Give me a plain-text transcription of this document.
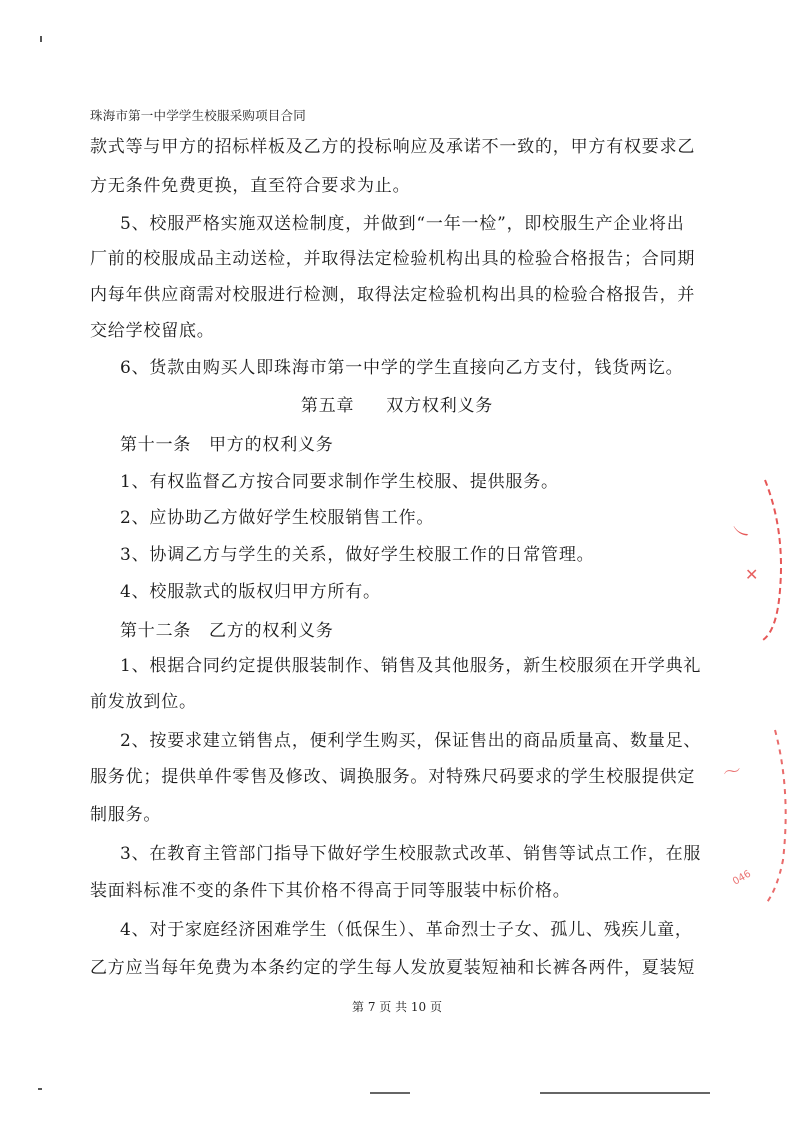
珠海市第一中学学生校服采购项目合同
款式等与甲方的招标样板及乙方的投标响应及承诺不一致的，甲方有权要求乙
方无条件免费更换，直至符合要求为止。
5、校服严格实施双送检制度，并做到“一年一检”，即校服生产企业将出
厂前的校服成品主动送检，并取得法定检验机构出具的检验合格报告；合同期
内每年供应商需对校服进行检测，取得法定检验机构出具的检验合格报告，并
交给学校留底。
6、货款由购买人即珠海市第一中学的学生直接向乙方支付，钱货两讫。
第五章 双方权利义务
第十一条　甲方的权利义务
1、有权监督乙方按合同要求制作学生校服、提供服务。
2、应协助乙方做好学生校服销售工作。
3、协调乙方与学生的关系，做好学生校服工作的日常管理。
4、校服款式的版权归甲方所有。
第十二条　乙方的权利义务
1、根据合同约定提供服装制作、销售及其他服务，新生校服须在开学典礼
前发放到位。
2、按要求建立销售点，便利学生购买，保证售出的商品质量高、数量足、
服务优；提供单件零售及修改、调换服务。对特殊尺码要求的学生校服提供定
制服务。
3、在教育主管部门指导下做好学生校服款式改革、销售等试点工作，在服
装面料标准不变的条件下其价格不得高于同等服装中标价格。
4、对于家庭经济困难学生（低保生）、革命烈士子女、孤儿、残疾儿童，
乙方应当每年免费为本条约定的学生每人发放夏装短袖和长裤各两件，夏装短
第 7 页 共 10 页
㇏
✕
〜
046
